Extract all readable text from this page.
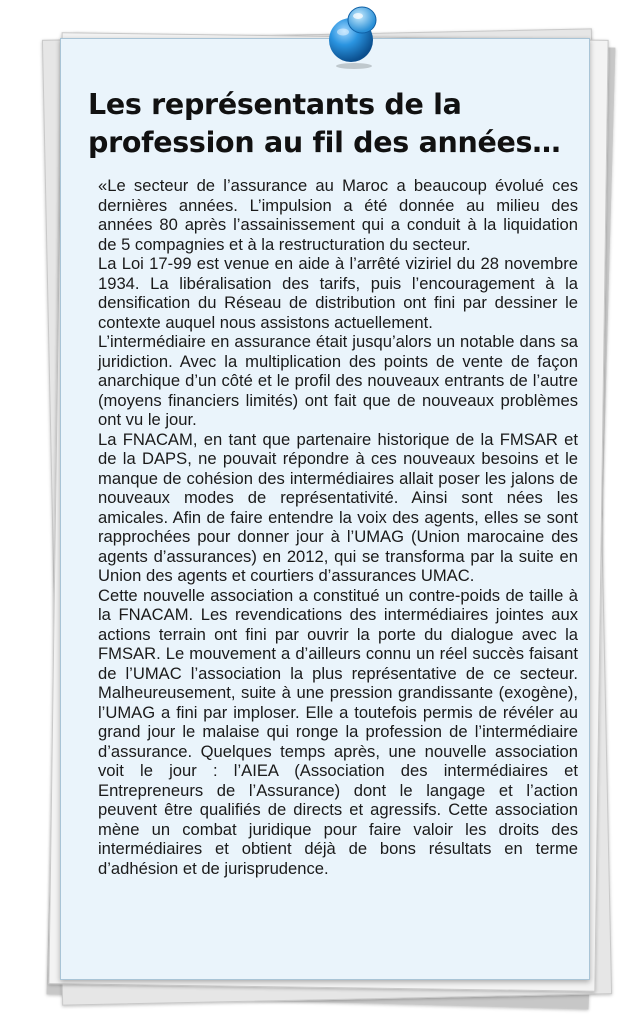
Les représentants de la profession au fil des années…

«Le secteur de l’assurance au Maroc a beaucoup évolué ces dernières années. L’impulsion a été donnée au milieu des années 80 après l’assainissement qui a conduit à la liquidation de 5 compagnies et à la restructuration du secteur.

La Loi 17-99 est venue en aide à l’arrêté viziriel du 28 novembre 1934. La libéralisation des tarifs, puis l’encouragement à la densification du Réseau de distribution ont fini par dessiner le contexte auquel nous assistons actuellement.

L’intermédiaire en assurance était jusqu’alors un notable dans sa juridiction. Avec la multiplication des points de vente de façon anarchique d’un côté et le profil des nouveaux entrants de l’autre (moyens financiers limités) ont fait que de nouveaux problèmes ont vu le jour.

La FNACAM, en tant que partenaire historique de la FMSAR et de la DAPS, ne pouvait répondre à ces nouveaux besoins et le manque de cohésion des intermédiaires allait poser les jalons de nouveaux modes de représentativité. Ainsi sont nées les amicales. Afin de faire entendre la voix des agents, elles se sont rapprochées pour donner jour à l’UMAG (Union marocaine des agents d’assurances) en 2012, qui se transforma par la suite en Union des agents et courtiers d’assurances UMAC.

Cette nouvelle association a constitué un contre-poids de taille à la FNACAM. Les revendications des intermédiaires jointes aux actions terrain ont fini par ouvrir la porte du dialogue avec la FMSAR. Le mouvement a d’ailleurs connu un réel succès faisant de l’UMAC l’association la plus représentative de ce secteur. Malheureusement, suite à une pression grandissante (exogène), l’UMAG a fini par imploser. Elle a toutefois permis de révéler au grand jour le malaise qui ronge la profession de l’intermédiaire d’assurance. Quelques temps après, une nouvelle association voit le jour : l’AIEA (Association des intermédiaires et Entrepreneurs de l’Assurance) dont le langage et l’action peuvent être qualifiés de directs et agressifs. Cette association mène un combat juridique pour faire valoir les droits des intermédiaires et obtient déjà de bons résultats en terme d’adhésion et de jurisprudence.
